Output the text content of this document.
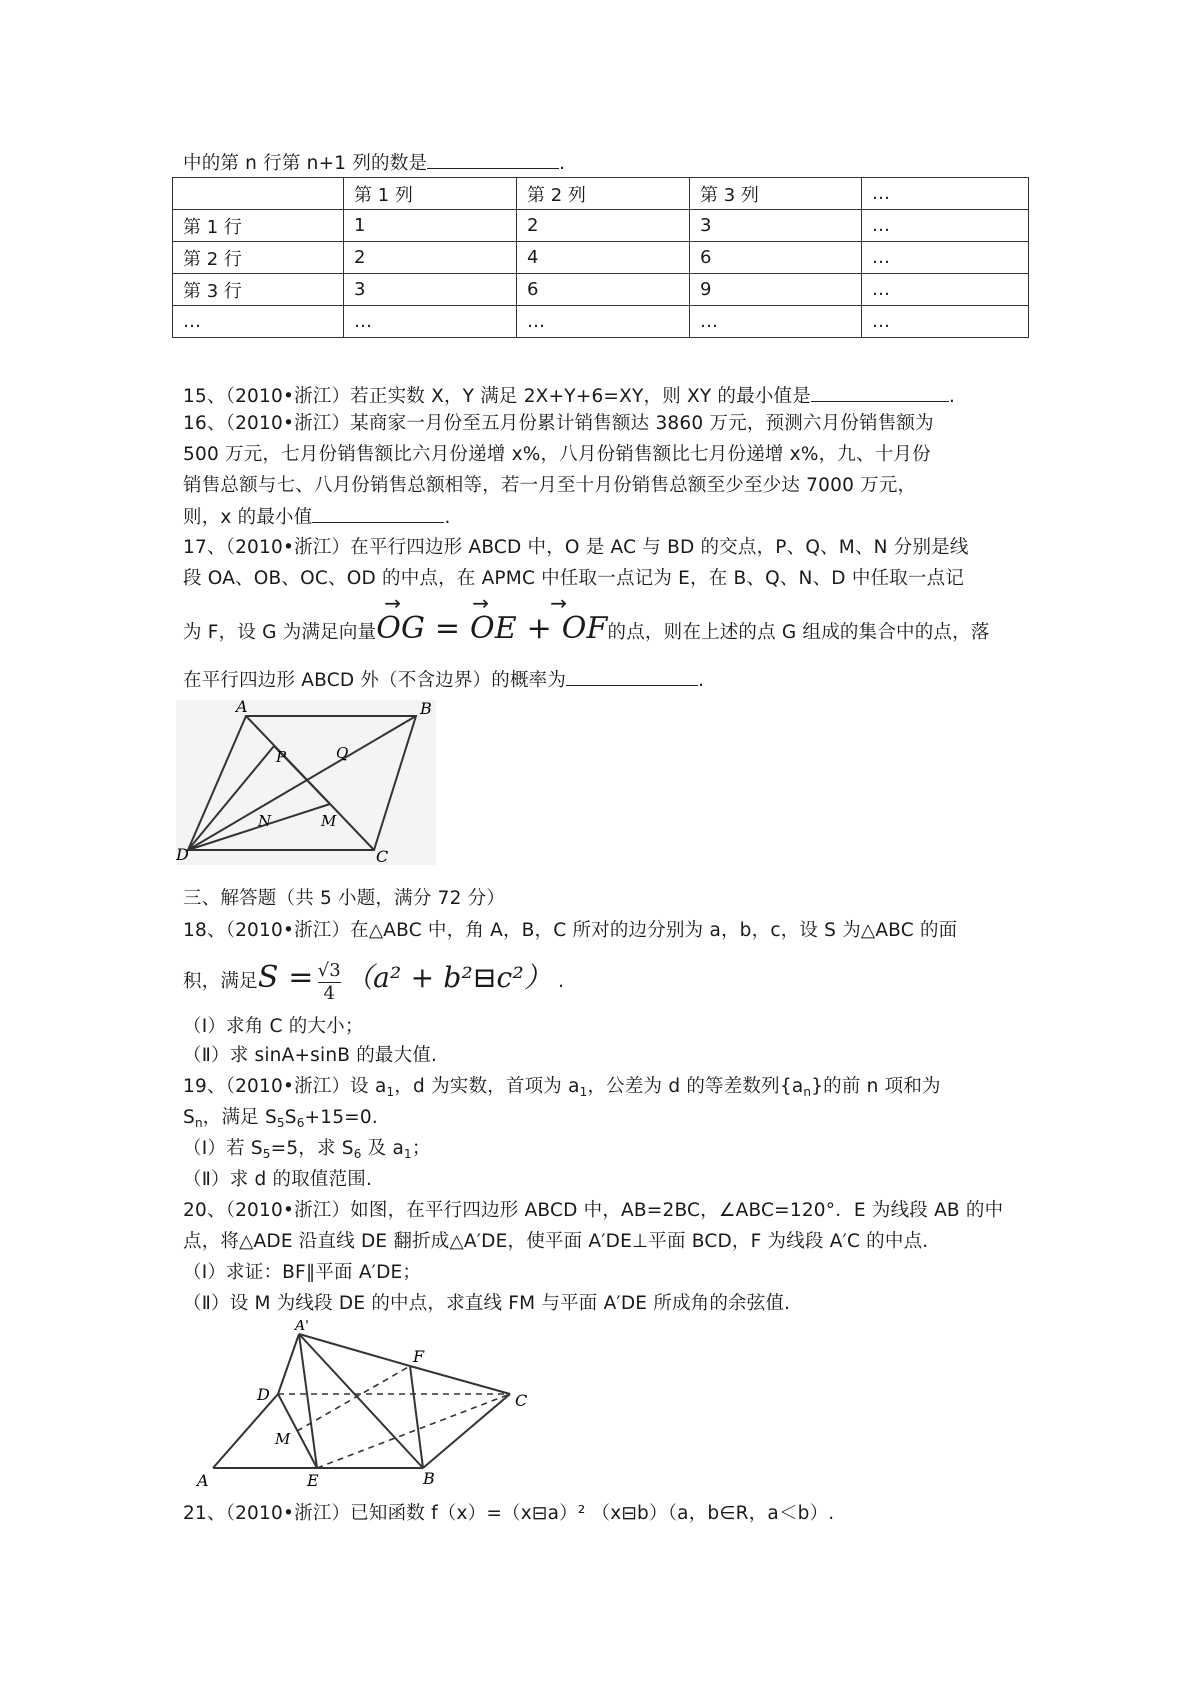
中的第 n 行第 n+1 列的数是	.
	第 1 列	第 2 列	第 3 列	…
第 1 行	1	2	3	…
第 2 行	2	4	6	…
第 3 行	3	6	9	…
…	…	…	…	…
15、（2010•浙江）若正实数 X，Y 满足 2X+Y+6=XY，则 XY 的最小值是	.
16、（2010•浙江）某商家一月份至五月份累计销售额达 3860 万元，预测六月份销售额为
500 万元，七月份销售额比六月份递增 x%，八月份销售额比七月份递增 x%，九、十月份
销售总额与七、八月份销售总额相等，若一月至十月份销售总额至少至少达 7000 万元，
则，x 的最小值	.
17、（2010•浙江）在平行四边形 ABCD 中，O 是 AC 与 BD 的交点，P、Q、M、N 分别是线
段 OA、OB、OC、OD 的中点，在 APMC 中任取一点记为 E，在 B、Q、N、D 中任取一点记
为 F，设 G 为满足向量OG = OE + OF
→	→	→
的点，则在上述的点 G 组成的集合中的点，落
在平行四边形 ABCD 外（不含边界）的概率为	.
A	B
C
D
P	Q
M
N
三、解答题（共 5 小题，满分 72 分）
18、（2010•浙江）在△ABC 中，角 A，B，C 所对的边分别为 a，b，c，设 S 为△ABC 的面
积，满足$S = \frac{√3}{4} (a^2$ + b²⊟c²） .
（Ⅰ）求角 C 的大小；
（Ⅱ）求 sinA+sinB 的最大值.
19、（2010•浙江）设 $a_1$，d 为实数，首项为 $a_1$，公差为 d 的等差数列$\{a_n\}$的前 n 项和为
$S_n$，满足 $S_5S_6+15=0$.
（Ⅰ）若 $S_5=5$，求 $S_6$ 及 $a_1$；
（Ⅱ）求 d 的取值范围.
20、（2010•浙江）如图，在平行四边形 ABCD 中，AB=2BC，∠ABC=120°．E 为线段 AB 的中
点，将△ADE 沿直线 DE 翻折成△A′DE，使平面 A′DE⊥平面 BCD，F 为线段 A′C 的中点．
（Ⅰ）求证：BF∥平面 A′DE；
（Ⅱ）设 M 为线段 DE 的中点，求直线 FM 与平面 A′DE 所成角的余弦值.
A'
F
D	C
M
A	E	B
21、（2010•浙江）已知函数 f（x）=（x⊟a）² （x⊟b）（a，b∈R，a＜b）.
